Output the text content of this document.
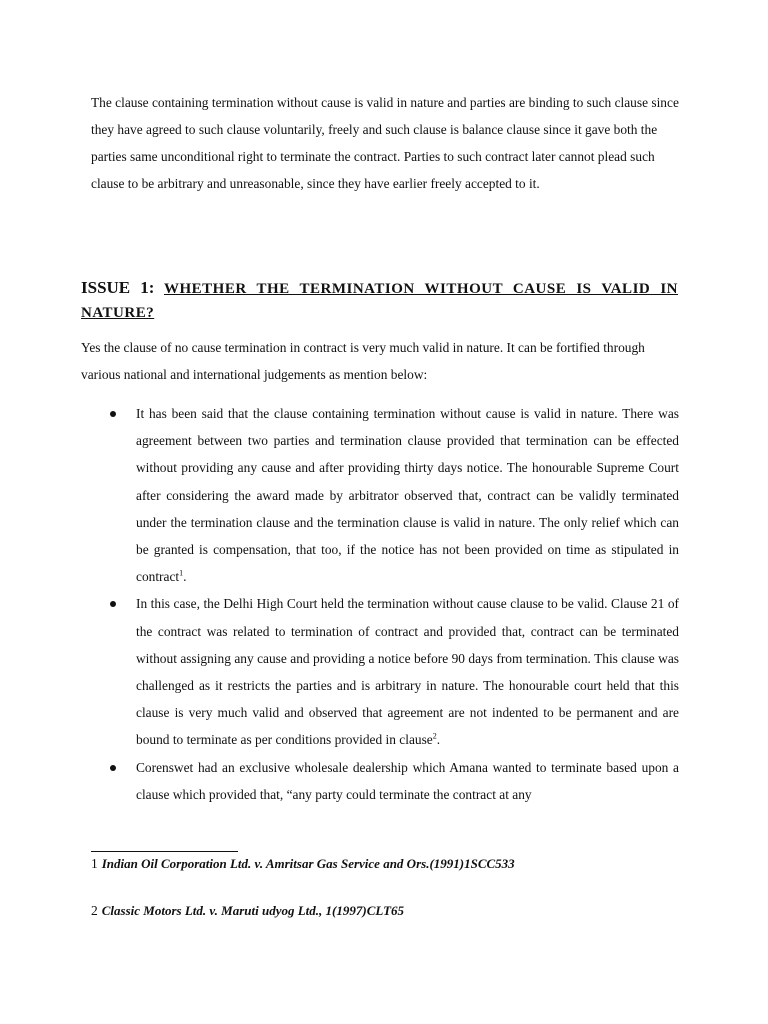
The clause containing termination without cause is valid in nature and parties are binding to such clause since they have agreed to such clause voluntarily, freely and such clause is balance clause since it gave both the parties same unconditional right to terminate the contract. Parties to such contract later cannot plead such clause to be arbitrary and unreasonable, since they have earlier freely accepted to it.

ISSUE 1: WHETHER THE TERMINATION WITHOUT CAUSE IS VALID IN NATURE?

Yes the clause of no cause termination in contract is very much valid in nature. It can be fortified through various national and international judgements as mention below:

It has been said that the clause containing termination without cause is valid in nature. There was agreement between two parties and termination clause provided that termination can be effected without providing any cause and after providing thirty days notice. The honourable Supreme Court after considering the award made by arbitrator observed that, contract can be validly terminated under the termination clause and the termination clause is valid in nature. The only relief which can be granted is compensation, that too, if the notice has not been provided on time as stipulated in contract$^1$.
In this case, the Delhi High Court held the termination without cause clause to be valid. Clause 21 of the contract was related to termination of contract and provided that, contract can be terminated without assigning any cause and providing a notice before 90 days from termination. This clause was challenged as it restricts the parties and is arbitrary in nature. The honourable court held that this clause is very much valid and observed that agreement are not indented to be permanent and are bound to terminate as per conditions provided in clause$^2$.
Corenswet had an exclusive wholesale dealership which Amana wanted to terminate based upon a clause which provided that, “any party could terminate the contract at any

1 Indian Oil Corporation Ltd. v. Amritsar Gas Service and Ors.(1991)1SCC533

2 Classic Motors Ltd. v. Maruti udyog Ltd., 1(1997)CLT65
